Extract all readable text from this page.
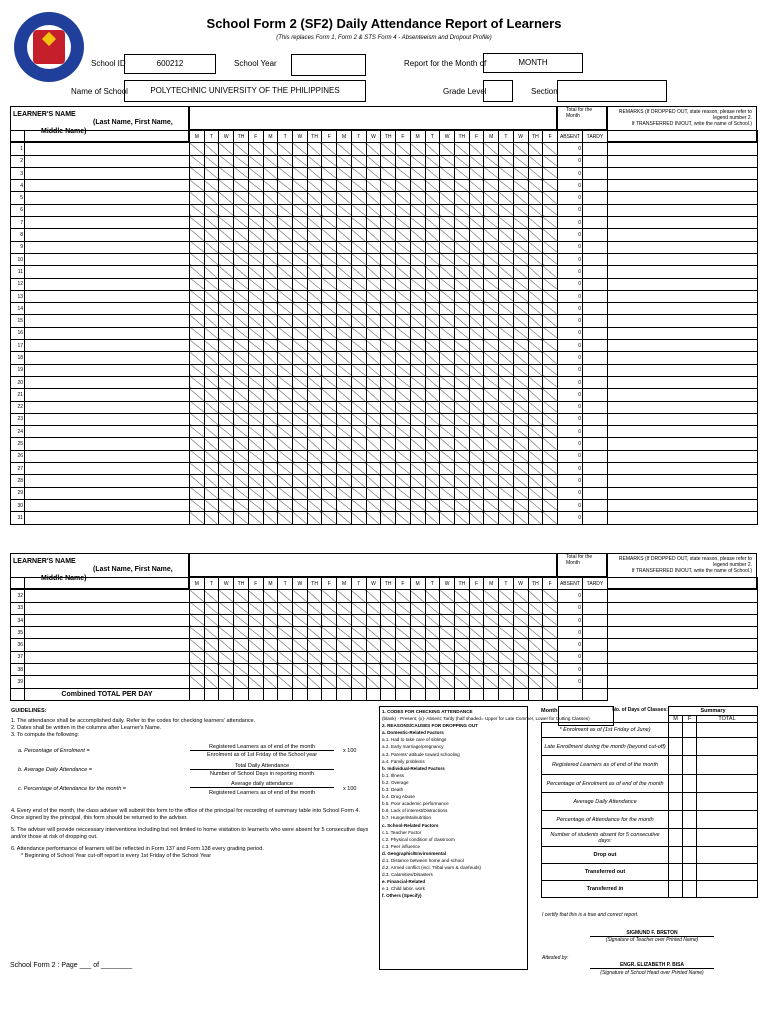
School Form 2 (SF2) Daily Attendance Report of Learners
(This replaces Form 1, Form 2 & STS Form 4 - Absenteeism and Dropout Profile)
School ID	600212	School Year	Report for the Month of	MONTH
Name of School	POLYTECHNIC UNIVERSITY OF THE PHILIPPINES	Grade Level	Section
LEARNER'S NAME
(Last Name, First Name,
Middle Name)
Total for the Month
REMARKS (If DROPPED OUT, state reason, please refer to legend number 2.
If TRANSFERRED IN/OUT, write the name of School.)
		M	T	W	TH	F	M	T	W	TH	F	M	T	W	TH	F	M	T	W	TH	F	M	T	W	TH	F	ABSENT	TARDY	
1																											0		
2																											0		
3																											0		
4																											0		
5																											0		
6																											0		
7																											0		
8																											0		
9																											0		
10																											0		
11																											0		
12																											0		
13																											0		
14																											0		
15																											0		
16																											0		
17																											0		
18																											0		
19																											0		
20																											0		
21																											0		
22																											0		
23																											0		
24																											0		
25																											0		
26																											0		
27																											0		
28																											0		
29																											0		
30																											0		
31																											0		
LEARNER'S NAME
(Last Name, First Name,
Middle Name)
Total for the Month
REMARKS (If DROPPED OUT, state reason, please refer to legend number 2.
If TRANSFERRED IN/OUT, write the name of School.)
		M	T	W	TH	F	M	T	W	TH	F	M	T	W	TH	F	M	T	W	TH	F	M	T	W	TH	F	ABSENT	TARDY	
32																											0		
33																											0		
34																											0		
35																											0		
36																											0		
37																											0		
38																											0		
39																											0		
	Combined TOTAL PER DAY																												
GUIDELINES:
1. The attendance shall be accomplished daily. Refer to the codes for checking learners' attendance.
2. Dates shall be written in the columns after Learner's Name.
3. To compute the following:
a. Percentage of Enrolment =
Registered Learners as of end of the month
Enrolment as of 1st Friday of the School year
x 100
b. Average Daily Attendance =
Total Daily Attendance
Number of School Days in reporting month
c. Percentage of Attendance for the month =
Average daily attendance
Registered Learners as of end of the month
x 100
4. Every end of the month, the class adviser will submit this form to the office of the principal for recording of summary table into School Form 4. Once signed by the principal, this form should be returned to the adviser.
5. The adviser will provide neccessary interventions including but not limited to home visitation to learner/s who were absent for 5 consecutive days and/or those at risk of dropping out.
6. Attendance performance of learners will be reflected in Form 137 and Form 138 every grading period.
* Beginning of School Year cut-off report is every 1st Friday of the School Year
1. CODES FOR CHECKING ATTENDANCE
(blank) - Present; (x)- Absent; Tardy (half shaded= Upper for Late Commer, Lower for Cutting Classes)
2. REASONS/CAUSES FOR DROPPING OUT
a. Domestic-Related Factors
a.1. Had to take care of siblings
a.2. Early marriage/pregnancy
a.3. Parents' attitude toward schooling
a.4. Family problems
b. Individual-Related Factors
b.1. Illness
b.2. Overage
b.3. Death
b.4. Drug Abuse
b.5. Poor academic performance
b.6. Lack of interest/Distractions
b.7. Hunger/Malnutrition
c. School-Related Factors
c.1. Teacher Factor
c.2. Physical condition of classroom
c.3. Peer influence
d. Geographic/Environmental
d.1. Distance between home and school
d.2. Armed conflict (incl. Tribal wars & clanfeuds)
d.3. Calamities/Disasters
e. Financial-Related
e.1. Child labor, work
f. Others (Specify)
Month:	No. of Days of Classes:
		Summary		
	M	F	TOTAL
* Enrolment as of (1st Friday of June)			
Late Enrollment during the month (beyond cut-off)			
Registered Learners as of end of the month			
Percentage of Enrolment as of end of the month			
Average Daily Attendance			
Percentage of Attendance for the month			
Number of students absent for 5 consecutive days:			
Drop out			
Transferred out			
Transferred in			
I certify that this is a true and correct report.
SIGMUND F. BRETON
(Signature of Teacher over Printed Name)
Attested by:
ENGR. ELIZABETH P. BISA
(Signature of School Head over Printed Name)
School Form 2 : Page ___ of ________
